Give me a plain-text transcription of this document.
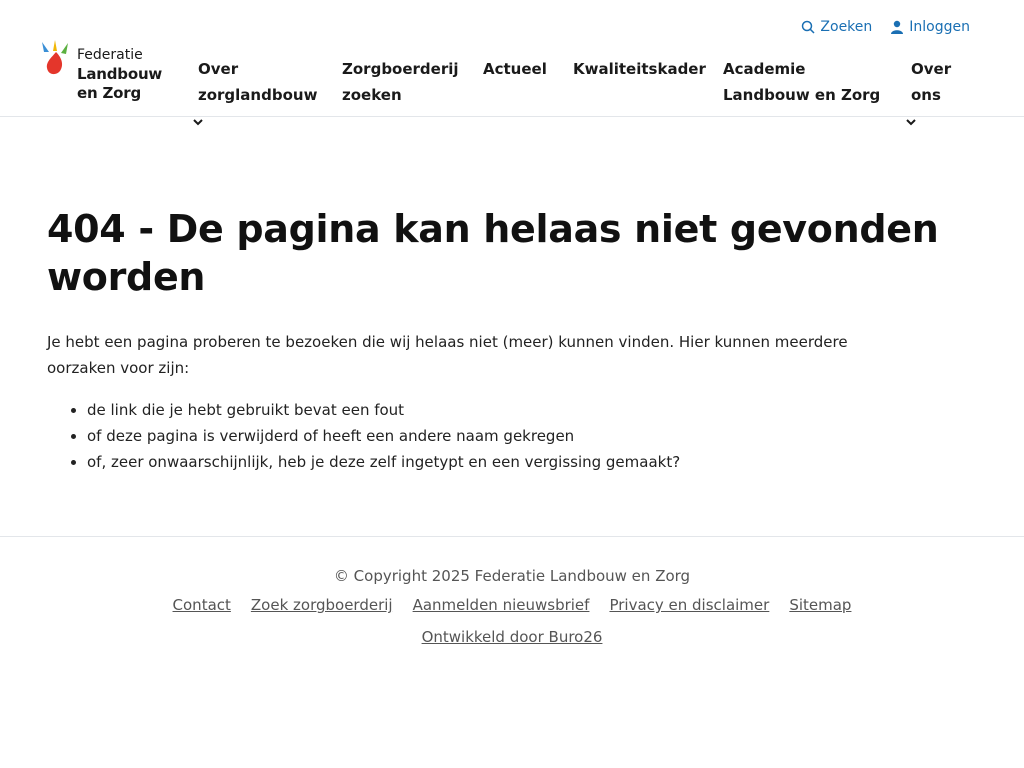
Federatie
Landbouw
en Zorg
Over
zorglandbouw
Zorgboerderij
zoeken
Actueel Kwaliteitskader Academie
Landbouw en Zorg
Over
ons
Zoeken	Inloggen
404 - De pagina kan helaas niet gevonden
worden

Je hebt een pagina proberen te bezoeken die wij helaas niet (meer) kunnen vinden. Hier kunnen meerdere
oorzaken voor zijn:

• de link die je hebt gebruikt bevat een fout
• of deze pagina is verwijderd of heeft een andere naam gekregen
• of, zeer onwaarschijnlijk, heb je deze zelf ingetypt en een vergissing gemaakt?
© Copyright 2025 Federatie Landbouw en Zorg
Contact Zoek zorgboerderij Aanmelden nieuwsbrief Privacy en disclaimer Sitemap
Ontwikkeld door Buro26
